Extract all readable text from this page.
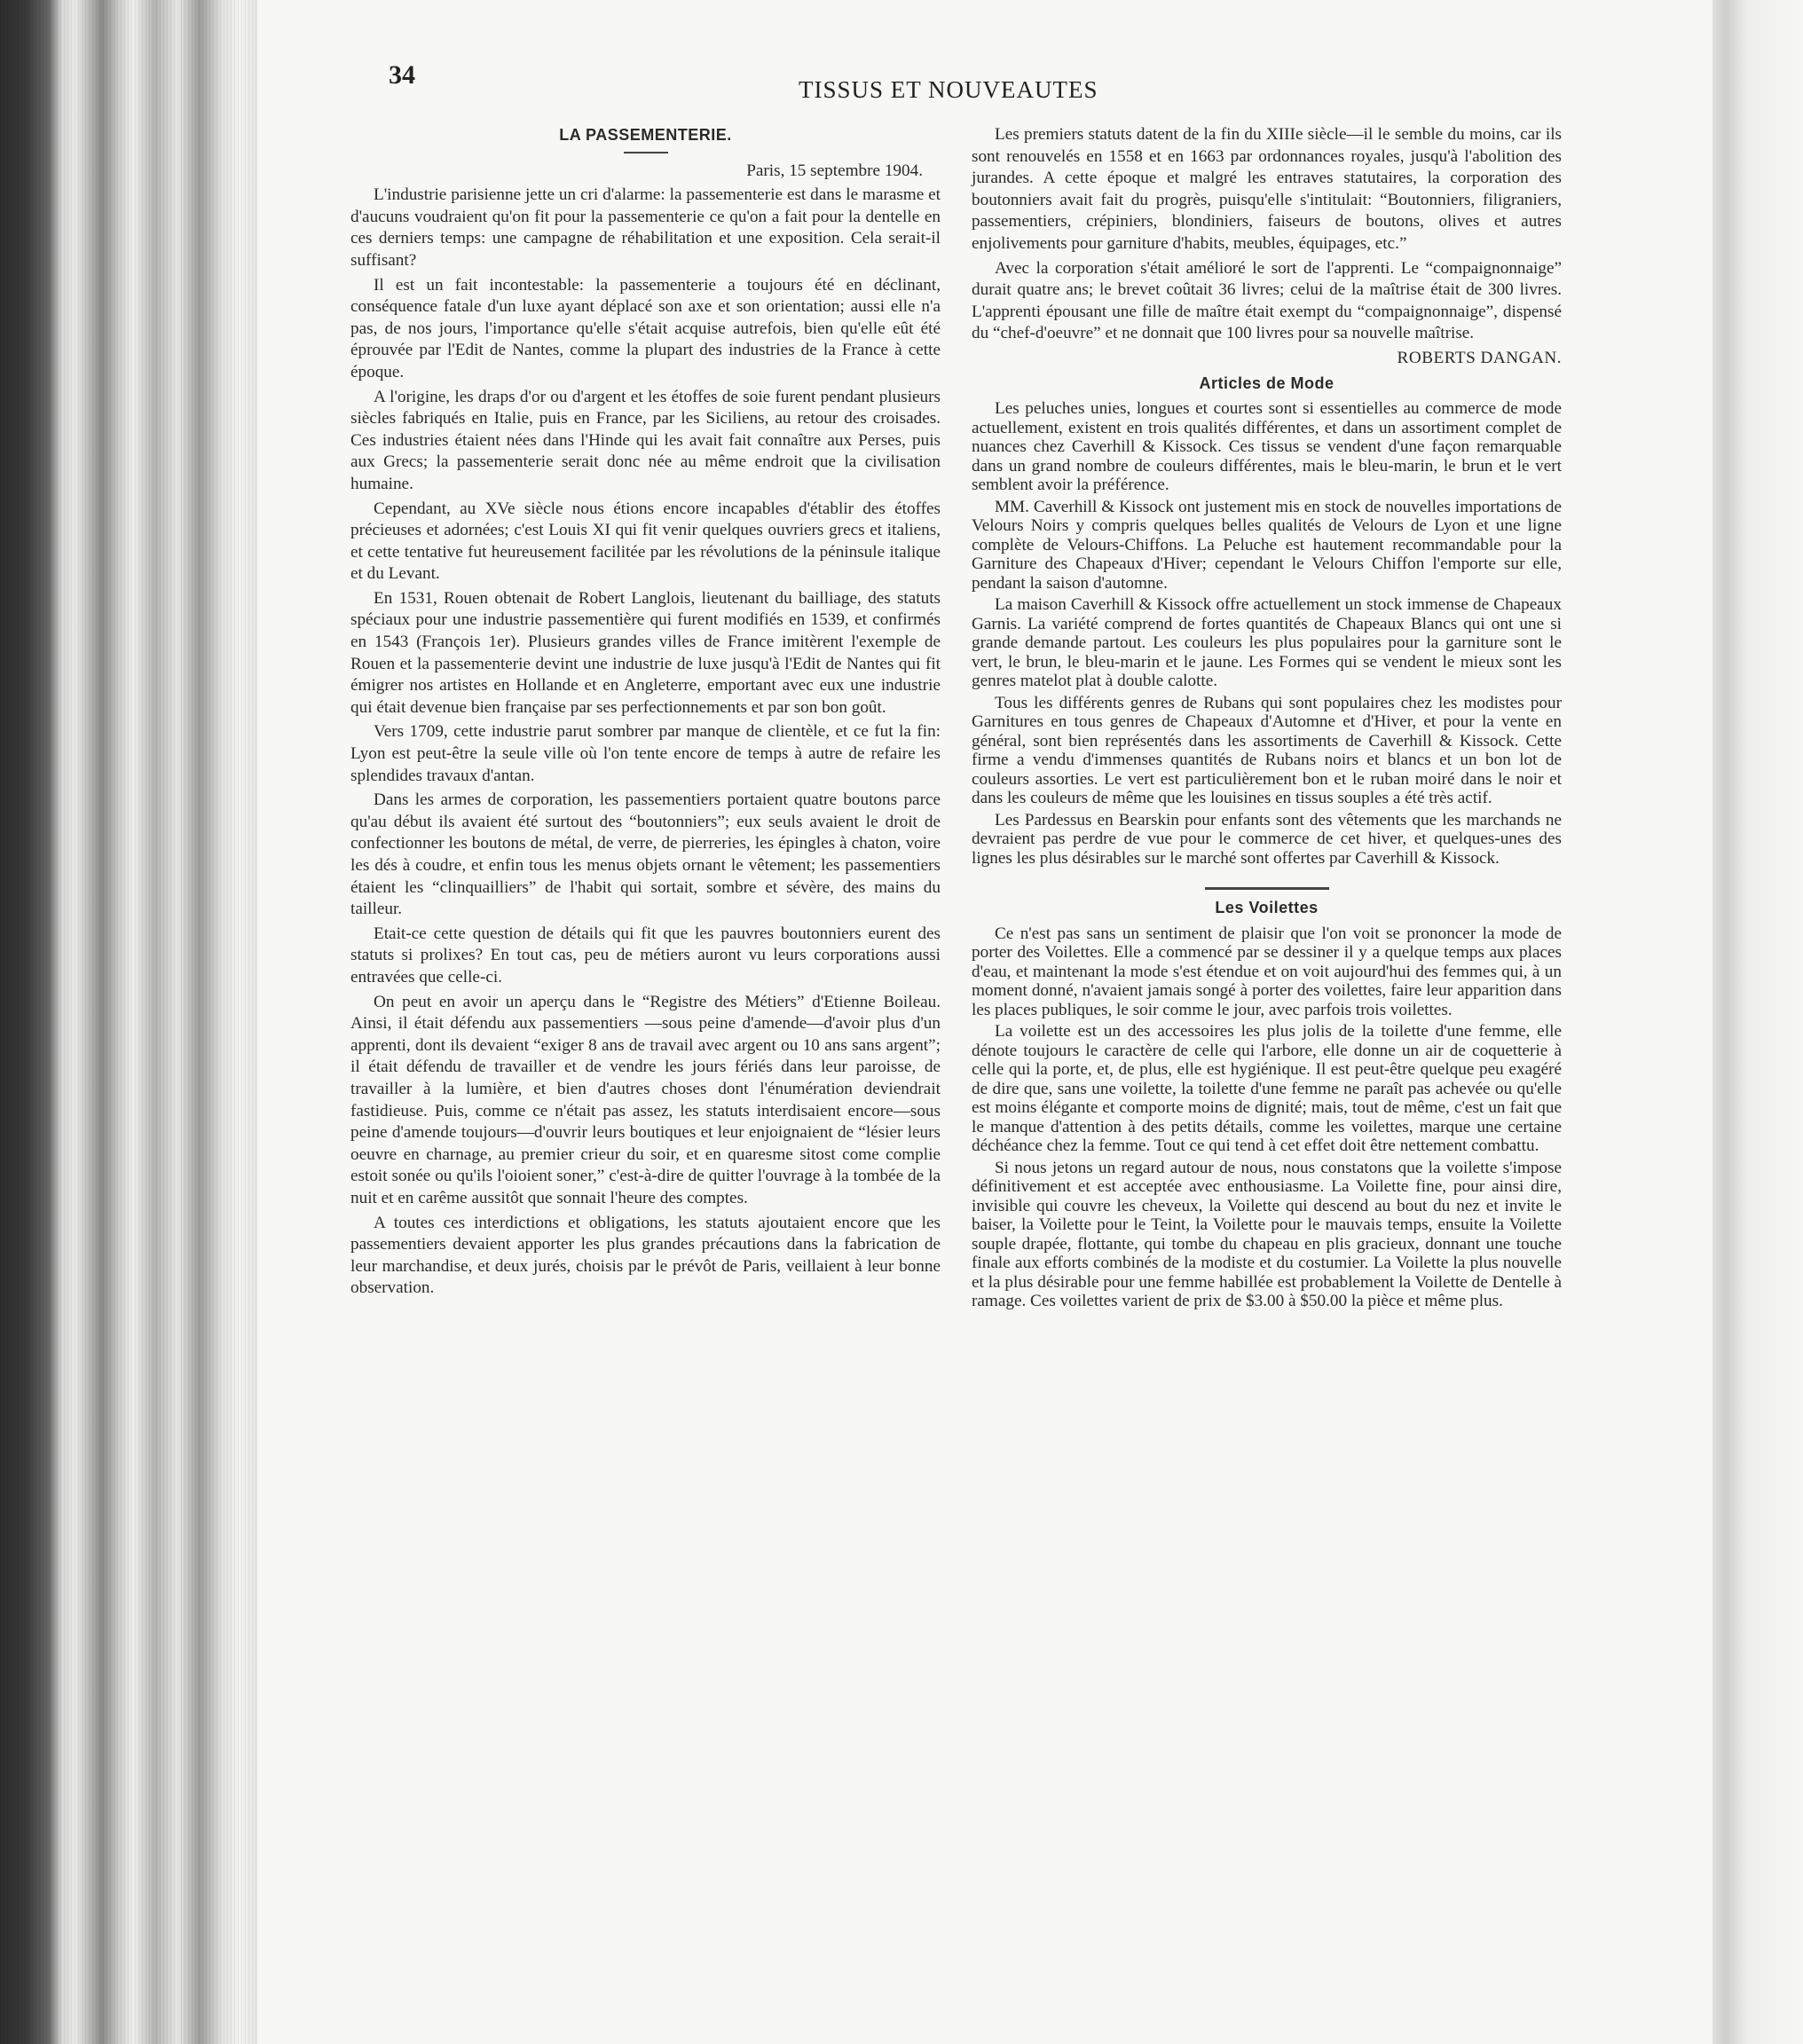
34	TISSUS ET NOUVEAUTES
LA PASSEMENTERIE.

Paris, 15 septembre 1904.

L'industrie parisienne jette un cri d'alarme: la passementerie est dans le marasme et d'aucuns voudraient qu'on fit pour la passementerie ce qu'on a fait pour la dentelle en ces derniers temps: une campagne de réhabilitation et une exposition. Cela serait-il suffisant?

Il est un fait incontestable: la passementerie a toujours été en déclinant, conséquence fatale d'un luxe ayant déplacé son axe et son orientation; aussi elle n'a pas, de nos jours, l'importance qu'elle s'était acquise autrefois, bien qu'elle eût été éprouvée par l'Edit de Nantes, comme la plupart des industries de la France à cette époque.

A l'origine, les draps d'or ou d'argent et les étoffes de soie furent pendant plusieurs siècles fabriqués en Italie, puis en France, par les Siciliens, au retour des croisades. Ces industries étaient nées dans l'Hinde qui les avait fait connaître aux Perses, puis aux Grecs; la passementerie serait donc née au même endroit que la civilisation humaine.

Cependant, au XVe siècle nous étions encore incapables d'établir des étoffes précieuses et adornées; c'est Louis XI qui fit venir quelques ouvriers grecs et italiens, et cette tentative fut heureusement facilitée par les révolutions de la péninsule italique et du Levant.

En 1531, Rouen obtenait de Robert Langlois, lieutenant du bailliage, des statuts spéciaux pour une industrie passementière qui furent modifiés en 1539, et confirmés en 1543 (François 1er). Plusieurs grandes villes de France imitèrent l'exemple de Rouen et la passementerie devint une industrie de luxe jusqu'à l'Edit de Nantes qui fit émigrer nos artistes en Hollande et en Angleterre, emportant avec eux une industrie qui était devenue bien française par ses perfectionnements et par son bon goût.

Vers 1709, cette industrie parut sombrer par manque de clientèle, et ce fut la fin: Lyon est peut-être la seule ville où l'on tente encore de temps à autre de refaire les splendides travaux d'antan.

Dans les armes de corporation, les passementiers portaient quatre boutons parce qu'au début ils avaient été surtout des “boutonniers”; eux seuls avaient le droit de confectionner les boutons de métal, de verre, de pierreries, les épingles à chaton, voire les dés à coudre, et enfin tous les menus objets ornant le vêtement; les passementiers étaient les “clinquailliers” de l'habit qui sortait, sombre et sévère, des mains du tailleur.

Etait-ce cette question de détails qui fit que les pauvres boutonniers eurent des statuts si prolixes? En tout cas, peu de métiers auront vu leurs corporations aussi entravées que celle-ci.

On peut en avoir un aperçu dans le “Registre des Métiers” d'Etienne Boileau. Ainsi, il était défendu aux passementiers —sous peine d'amende—d'avoir plus d'un apprenti, dont ils devaient “exiger 8 ans de travail avec argent ou 10 ans sans argent”; il était défendu de travailler et de vendre les jours fériés dans leur paroisse, de travailler à la lumière, et bien d'autres choses dont l'énumération deviendrait fastidieuse. Puis, comme ce n'était pas assez, les statuts interdisaient encore—sous peine d'amende toujours—d'ouvrir leurs boutiques et leur enjoignaient de “lésier leurs oeuvre en charnage, au premier crieur du soir, et en quaresme sitost come complie estoit sonée ou qu'ils l'oioient soner,” c'est-à-dire de quitter l'ouvrage à la tombée de la nuit et en carême aussitôt que sonnait l'heure des comptes.

A toutes ces interdictions et obligations, les statuts ajoutaient encore que les passementiers devaient apporter les plus grandes précautions dans la fabrication de leur marchandise, et deux jurés, choisis par le prévôt de Paris, veillaient à leur bonne observation.

Les premiers statuts datent de la fin du XIIIe siècle—il le semble du moins, car ils sont renouvelés en 1558 et en 1663 par ordonnances royales, jusqu'à l'abolition des jurandes. A cette époque et malgré les entraves statutaires, la corporation des boutonniers avait fait du progrès, puisqu'elle s'intitulait: “Boutonniers, filigraniers, passementiers, crépiniers, blondiniers, faiseurs de boutons, olives et autres enjolivements pour garniture d'habits, meubles, équipages, etc.”

Avec la corporation s'était amélioré le sort de l'apprenti. Le “compaignonnaige” durait quatre ans; le brevet coûtait 36 livres; celui de la maîtrise était de 300 livres. L'apprenti épousant une fille de maître était exempt du “compaignonnaige”, dispensé du “chef-d'oeuvre” et ne donnait que 100 livres pour sa nouvelle maîtrise.

ROBERTS DANGAN.

Articles de Mode

Les peluches unies, longues et courtes sont si essentielles au commerce de mode actuellement, existent en trois qualités différentes, et dans un assortiment complet de nuances chez Caverhill & Kissock. Ces tissus se vendent d'une façon remarquable dans un grand nombre de couleurs différentes, mais le bleu-marin, le brun et le vert semblent avoir la préférence.

MM. Caverhill & Kissock ont justement mis en stock de nouvelles importations de Velours Noirs y compris quelques belles qualités de Velours de Lyon et une ligne complète de Velours-Chiffons. La Peluche est hautement recommandable pour la Garniture des Chapeaux d'Hiver; cependant le Velours Chiffon l'emporte sur elle, pendant la saison d'automne.

La maison Caverhill & Kissock offre actuellement un stock immense de Chapeaux Garnis. La variété comprend de fortes quantités de Chapeaux Blancs qui ont une si grande demande partout. Les couleurs les plus populaires pour la garniture sont le vert, le brun, le bleu-marin et le jaune. Les Formes qui se vendent le mieux sont les genres matelot plat à double calotte.

Tous les différents genres de Rubans qui sont populaires chez les modistes pour Garnitures en tous genres de Chapeaux d'Automne et d'Hiver, et pour la vente en général, sont bien représentés dans les assortiments de Caverhill & Kissock. Cette firme a vendu d'immenses quantités de Rubans noirs et blancs et un bon lot de couleurs assorties. Le vert est particulièrement bon et le ruban moiré dans le noir et dans les couleurs de même que les louisines en tissus souples a été très actif.

Les Pardessus en Bearskin pour enfants sont des vêtements que les marchands ne devraient pas perdre de vue pour le commerce de cet hiver, et quelques-unes des lignes les plus désirables sur le marché sont offertes par Caverhill & Kissock.

Les Voilettes

Ce n'est pas sans un sentiment de plaisir que l'on voit se prononcer la mode de porter des Voilettes. Elle a commencé par se dessiner il y a quelque temps aux places d'eau, et maintenant la mode s'est étendue et on voit aujourd'hui des femmes qui, à un moment donné, n'avaient jamais songé à porter des voilettes, faire leur apparition dans les places publiques, le soir comme le jour, avec parfois trois voilettes.

La voilette est un des accessoires les plus jolis de la toilette d'une femme, elle dénote toujours le caractère de celle qui l'arbore, elle donne un air de coquetterie à celle qui la porte, et, de plus, elle est hygiénique. Il est peut-être quelque peu exagéré de dire que, sans une voilette, la toilette d'une femme ne paraît pas achevée ou qu'elle est moins élégante et comporte moins de dignité; mais, tout de même, c'est un fait que le manque d'attention à des petits détails, comme les voilettes, marque une certaine déchéance chez la femme. Tout ce qui tend à cet effet doit être nettement combattu.

Si nous jetons un regard autour de nous, nous constatons que la voilette s'impose définitivement et est acceptée avec enthousiasme. La Voilette fine, pour ainsi dire, invisible qui couvre les cheveux, la Voilette qui descend au bout du nez et invite le baiser, la Voilette pour le Teint, la Voilette pour le mauvais temps, ensuite la Voilette souple drapée, flottante, qui tombe du chapeau en plis gracieux, donnant une touche finale aux efforts combinés de la modiste et du costumier. La Voilette la plus nouvelle et la plus désirable pour une femme habillée est probablement la Voilette de Dentelle à ramage. Ces voilettes varient de prix de $3.00 à $50.00 la pièce et même plus.
